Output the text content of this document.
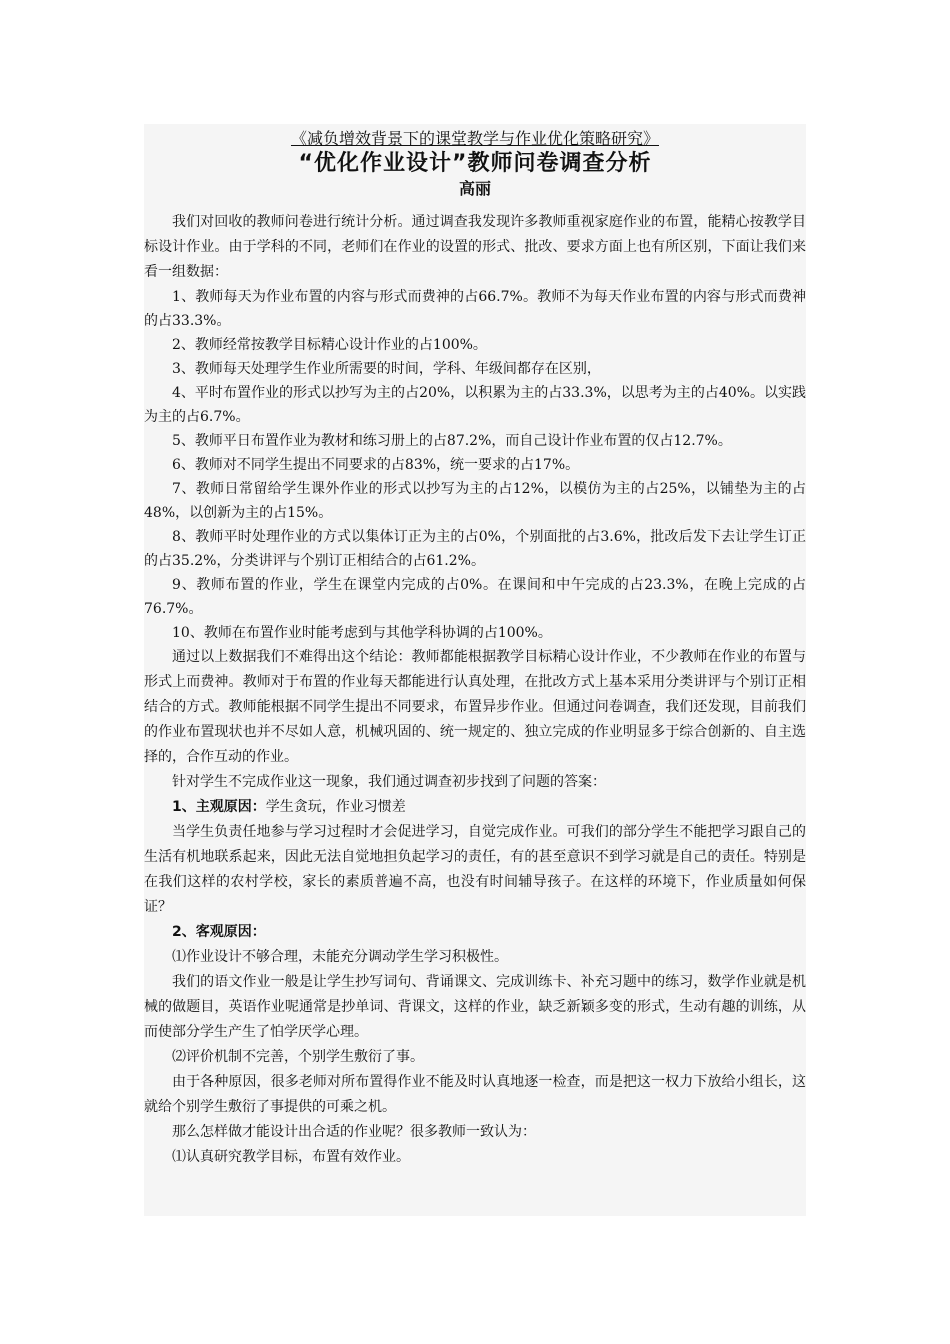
《减负增效背景下的课堂教学与作业优化策略研究》
“优化作业设计”教师问卷调查分析
高丽

我们对回收的教师问卷进行统计分析。通过调查我发现许多教师重视家庭作业的布置，能精心按教学目标设计作业。由于学科的不同，老师们在作业的设置的形式、批改、要求方面上也有所区别，下面让我们来看一组数据：

1、教师每天为作业布置的内容与形式而费神的占66.7%。教师不为每天作业布置的内容与形式而费神的占33.3%。

2、教师经常按教学目标精心设计作业的占100%。

3、教师每天处理学生作业所需要的时间，学科、年级间都存在区别，

4、平时布置作业的形式以抄写为主的占20%，以积累为主的占33.3%，以思考为主的占40%。以实践为主的占6.7%。

5、教师平日布置作业为教材和练习册上的占87.2%，而自己设计作业布置的仅占12.7%。

6、教师对不同学生提出不同要求的占83%，统一要求的占17%。

7、教师日常留给学生课外作业的形式以抄写为主的占12%，以模仿为主的占25%，以铺垫为主的占48%，以创新为主的占15%。

8、教师平时处理作业的方式以集体订正为主的占0%，个别面批的占3.6%，批改后发下去让学生订正的占35.2%，分类讲评与个别订正相结合的占61.2%。

9、教师布置的作业，学生在课堂内完成的占0%。在课间和中午完成的占23.3%，在晚上完成的占76.7%。

10、教师在布置作业时能考虑到与其他学科协调的占100%。

通过以上数据我们不难得出这个结论：教师都能根据教学目标精心设计作业，不少教师在作业的布置与形式上而费神。教师对于布置的作业每天都能进行认真处理，在批改方式上基本采用分类讲评与个别订正相结合的方式。教师能根据不同学生提出不同要求，布置异步作业。但通过问卷调查，我们还发现，目前我们的作业布置现状也并不尽如人意，机械巩固的、统一规定的、独立完成的作业明显多于综合创新的、自主选择的，合作互动的作业。

针对学生不完成作业这一现象，我们通过调查初步找到了问题的答案：

1、主观原因：学生贪玩，作业习惯差

当学生负责任地参与学习过程时才会促进学习，自觉完成作业。可我们的部分学生不能把学习跟自己的生活有机地联系起来，因此无法自觉地担负起学习的责任，有的甚至意识不到学习就是自己的责任。特别是在我们这样的农村学校，家长的素质普遍不高，也没有时间辅导孩子。在这样的环境下，作业质量如何保证？

2、客观原因：

⑴作业设计不够合理，未能充分调动学生学习积极性。

我们的语文作业一般是让学生抄写词句、背诵课文、完成训练卡、补充习题中的练习，数学作业就是机械的做题目，英语作业呢通常是抄单词、背课文，这样的作业，缺乏新颖多变的形式，生动有趣的训练，从而使部分学生产生了怕学厌学心理。

⑵评价机制不完善，个别学生敷衍了事。

由于各种原因，很多老师对所布置得作业不能及时认真地逐一检查，而是把这一权力下放给小组长，这就给个别学生敷衍了事提供的可乘之机。

那么怎样做才能设计出合适的作业呢？很多教师一致认为：

⑴认真研究教学目标，布置有效作业。
